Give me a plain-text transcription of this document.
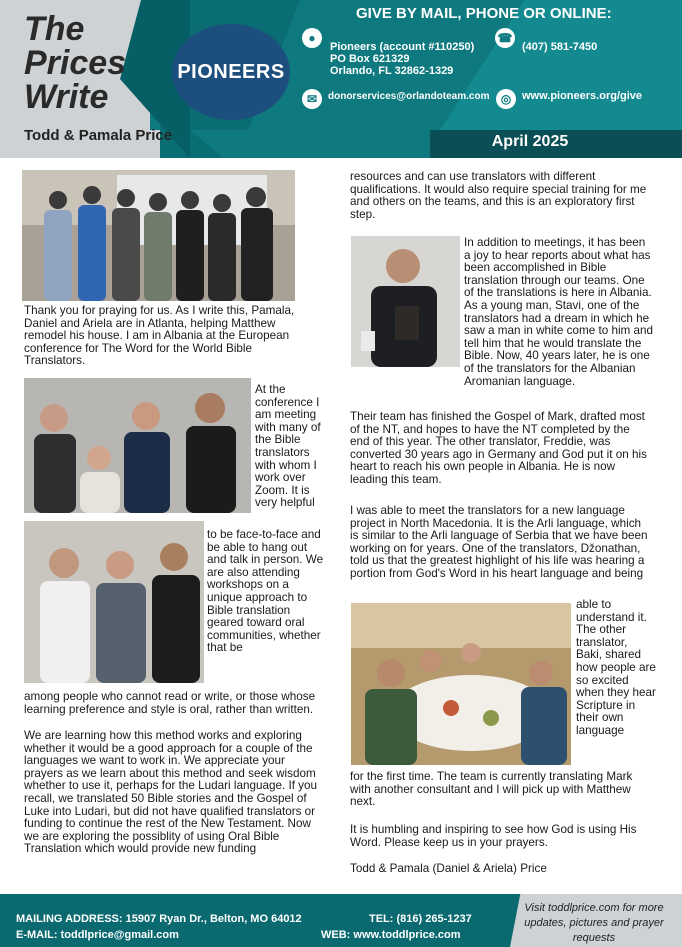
The
Prices
Write
Todd & Pamala Price
PIONEERS
GIVE BY MAIL, PHONE OR ONLINE:
●
Pioneers (account #110250)
PO Box 621329
Orlando, FL 32862-1329
☎
(407) 581-7450
✉	donorservices@orlandoteam.com ◎ www.pioneers.org/give
April 2025

Thank you for praying for us. As I write this, Pamala, Daniel and Ariela are in Atlanta, helping Matthew remodel his house. I am in Albania at the European conference for The Word for the World Bible Translators.

At the conference I am meeting with many of the Bible translators with whom I work over Zoom. It is very helpful

to be face-to-face and be able to hang out and talk in person. We are also attending workshops on a unique approach to Bible translation geared toward oral communities, whether that be

among people who cannot read or write, or those whose learning preference and style is oral, rather than written.

We are learning how this method works and exploring whether it would be a good approach for a couple of the languages we want to work in. We appreciate your prayers as we learn about this method and seek wisdom whether to use it, perhaps for the Ludari language. If you recall, we translated 50 Bible stories and the Gospel of Luke into Ludari, but did not have qualified translators or funding to continue the rest of the New Testament. Now we are exploring the possiblity of using Oral Bible Translation which would provide new funding

resources and can use translators with different qualifications. It would also require special training for me and others on the teams, and this is an exploratory first step.

In addition to meetings, it has been a joy to hear reports about what has been accomplished in Bible translation through our teams. One of the translations is here in Albania. As a young man, Stavi, one of the translators had a dream in which he saw a man in white come to him and tell him that he would translate the Bible. Now, 40 years later, he is one of the translators for the Albanian Aromanian language.

Their team has finished the Gospel of Mark, drafted most of the NT, and hopes to have the NT completed by the end of this year. The other translator, Freddie, was converted 30 years ago in Germany and God put it on his heart to reach his own people in Albania. He is now leading this team.

I was able to meet the translators for a new language project in North Macedonia. It is the Arli language, which is similar to the Arli language of Serbia that we have been working on for years. One of the translators, Džonathan, told us that the greatest highlight of his life was hearing a portion from God's Word in his heart language and being

able to understand it. The other translator, Baki, shared how people are so excited when they hear Scripture in their own language

for the first time. The team is currently translating Mark with another consultant and I will pick up with Matthew next.

It is humbling and inspiring to see how God is using His Word. Please keep us in your prayers.

Todd & Pamala (Daniel & Ariela) Price

MAILING ADDRESS: 15907 Ryan Dr., Belton, MO 64012	TEL: (816) 265-1237
E-MAIL: toddlprice@gmail.com	WEB: www.toddlprice.com
Visit toddlprice.com for more updates, pictures and prayer requests
